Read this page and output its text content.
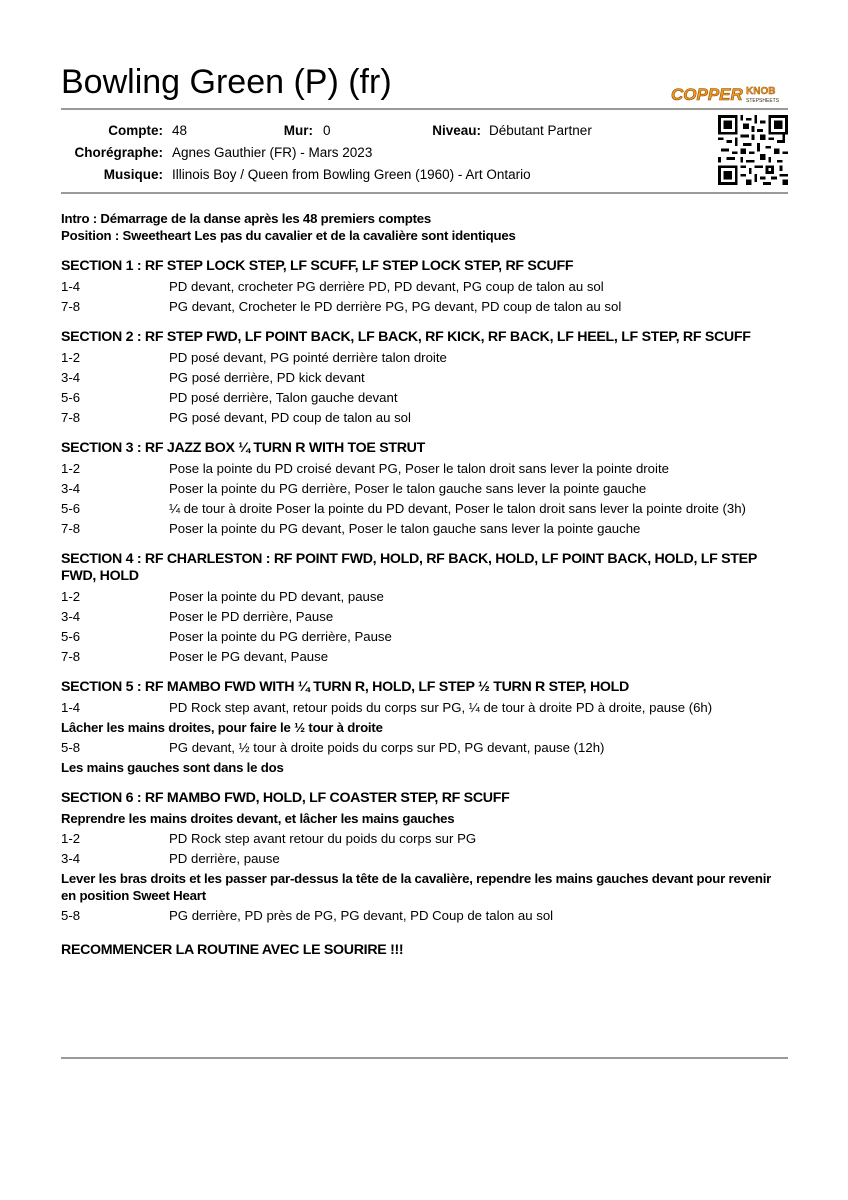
Bowling Green (P) (fr)	COPPER KNOB
STEPSHEETS
Compte: 48	Mur: 0	Niveau: Débutant Partner
Chorégraphe: Agnes Gauthier (FR) - Mars 2023
Musique: Illinois Boy / Queen from Bowling Green (1960) - Art Ontario
Intro : Démarrage de la danse après les 48 premiers comptes
Position : Sweetheart Les pas du cavalier et de la cavalière sont identiques
SECTION 1 : RF STEP LOCK STEP, LF SCUFF, LF STEP LOCK STEP, RF SCUFF
1-4	PD devant, crocheter PG derrière PD, PD devant, PG coup de talon au sol
7-8	PG devant, Crocheter le PD derrière PG, PG devant, PD coup de talon au sol
SECTION 2 : RF STEP FWD, LF POINT BACK, LF BACK, RF KICK, RF BACK, LF HEEL, LF STEP, RF SCUFF
1-2	PD posé devant, PG pointé derrière talon droite
3-4	PG posé derrière, PD kick devant
5-6	PD posé derrière, Talon gauche devant
7-8	PG posé devant, PD coup de talon au sol
SECTION 3 : RF JAZZ BOX ¼ TURN R WITH TOE STRUT
1-2	Pose la pointe du PD croisé devant PG, Poser le talon droit sans lever la pointe droite
3-4	Poser la pointe du PG derrière, Poser le talon gauche sans lever la pointe gauche
5-6	¼ de tour à droite Poser la pointe du PD devant, Poser le talon droit sans lever la pointe droite (3h)
7-8	Poser la pointe du PG devant, Poser le talon gauche sans lever la pointe gauche
SECTION 4 : RF CHARLESTON : RF POINT FWD, HOLD, RF BACK, HOLD, LF POINT BACK, HOLD, LF STEP FWD, HOLD
1-2	Poser la pointe du PD devant, pause
3-4	Poser le PD derrière, Pause
5-6	Poser la pointe du PG derrière, Pause
7-8	Poser le PG devant, Pause
SECTION 5 : RF MAMBO FWD WITH ¼ TURN R, HOLD, LF STEP ½ TURN R STEP, HOLD
1-4	PD Rock step avant, retour poids du corps sur PG, ¼ de tour à droite PD à droite, pause (6h)
Lâcher les mains droites, pour faire le ½ tour à droite
5-8	PG devant, ½ tour à droite poids du corps sur PD, PG devant, pause (12h)
Les mains gauches sont dans le dos
SECTION 6 : RF MAMBO FWD, HOLD, LF COASTER STEP, RF SCUFF
Reprendre les mains droites devant, et lâcher les mains gauches
1-2	PD Rock step avant retour du poids du corps sur PG
3-4	PD derrière, pause
Lever les bras droits et les passer par-dessus la tête de la cavalière, rependre les mains gauches devant pour revenir en position Sweet Heart
5-8	PG derrière, PD près de PG, PG devant, PD Coup de talon au sol
RECOMMENCER LA ROUTINE AVEC LE SOURIRE !!!
